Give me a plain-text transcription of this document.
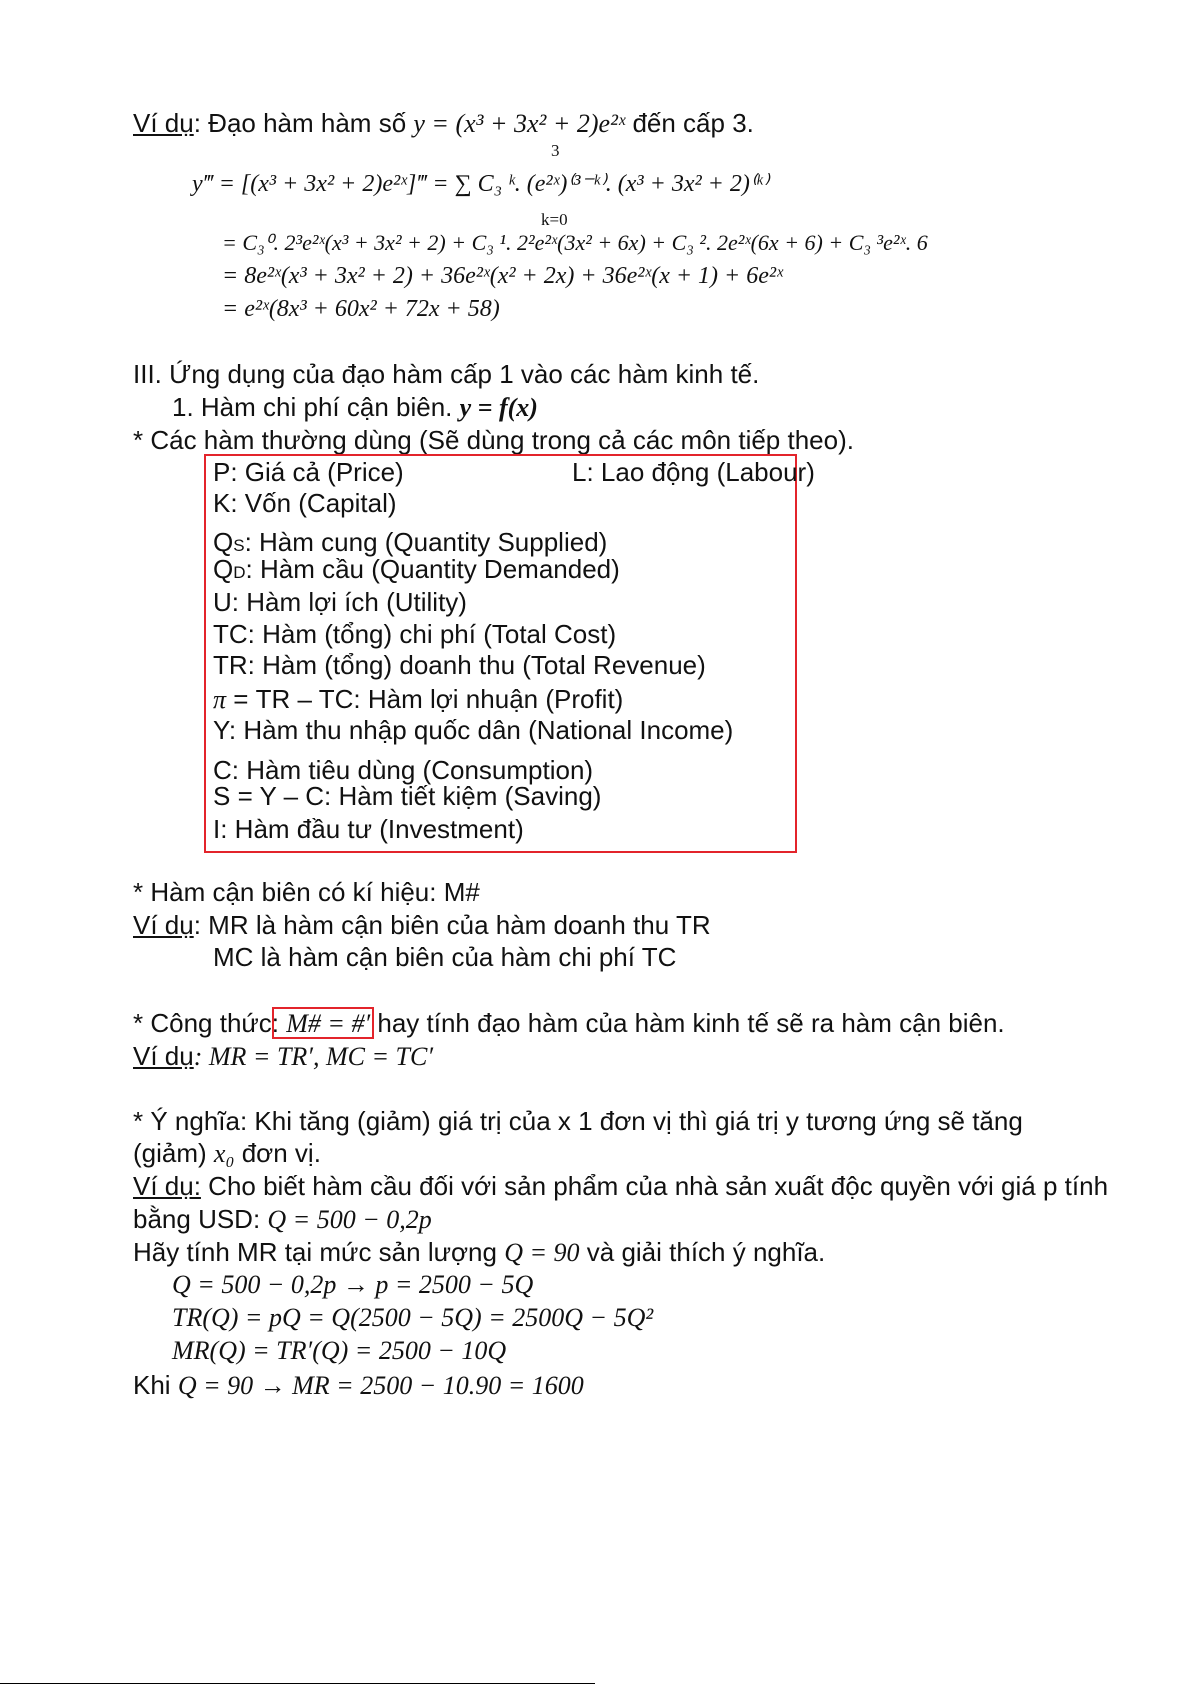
Ví dụ: Đạo hàm hàm số y = (x³ + 3x² + 2)e²ˣ đến cấp 3.
3
y‴ = [(x³ + 3x² + 2)e²ˣ]‴ = ∑ C₃ ᵏ. (e²ˣ)⁽³⁻ᵏ⁾. (x³ + 3x² + 2)⁽ᵏ⁾
k=0
= C₃⁰. 2³e²ˣ(x³ + 3x² + 2) + C₃ ¹. 2²e²ˣ(3x² + 6x) + C₃ ². 2e²ˣ(6x + 6) + C₃ ³e²ˣ. 6
= 8e²ˣ(x³ + 3x² + 2) + 36e²ˣ(x² + 2x) + 36e²ˣ(x + 1) + 6e²ˣ
= e²ˣ(8x³ + 60x² + 72x + 58)
III. Ứng dụng của đạo hàm cấp 1 vào các hàm kinh tế.
1. Hàm chi phí cận biên. y = f(x)
* Các hàm thường dùng (Sẽ dùng trong cả các môn tiếp theo).
P: Giá cả (Price)	L: Lao động (Labour)
K: Vốn (Capital)
QS: Hàm cung (Quantity Supplied)
QD: Hàm cầu (Quantity Demanded)
U: Hàm lợi ích (Utility)
TC: Hàm (tổng) chi phí (Total Cost)
TR: Hàm (tổng) doanh thu (Total Revenue)
π = TR – TC: Hàm lợi nhuận (Profit)
Y: Hàm thu nhập quốc dân (National Income)
C: Hàm tiêu dùng (Consumption)
S = Y – C: Hàm tiết kiệm (Saving)
I: Hàm đầu tư (Investment)
* Hàm cận biên có kí hiệu: M#
Ví dụ: MR là hàm cận biên của hàm doanh thu TR
MC là hàm cận biên của hàm chi phí TC
* Công thức: M# = #′ hay tính đạo hàm của hàm kinh tế sẽ ra hàm cận biên.
Ví dụ: MR = TR′, MC = TC′
* Ý nghĩa: Khi tăng (giảm) giá trị của x 1 đơn vị thì giá trị y tương ứng sẽ tăng
(giảm) x₀ đơn vị.
Ví dụ: Cho biết hàm cầu đối với sản phẩm của nhà sản xuất độc quyền với giá p tính
bằng USD: Q = 500 − 0,2p
Hãy tính MR tại mức sản lượng Q = 90 và giải thích ý nghĩa.
Q = 500 − 0,2p → p = 2500 − 5Q
TR(Q) = pQ = Q(2500 − 5Q) = 2500Q − 5Q²
MR(Q) = TR′(Q) = 2500 − 10Q
Khi Q = 90 → MR = 2500 − 10.90 = 1600
